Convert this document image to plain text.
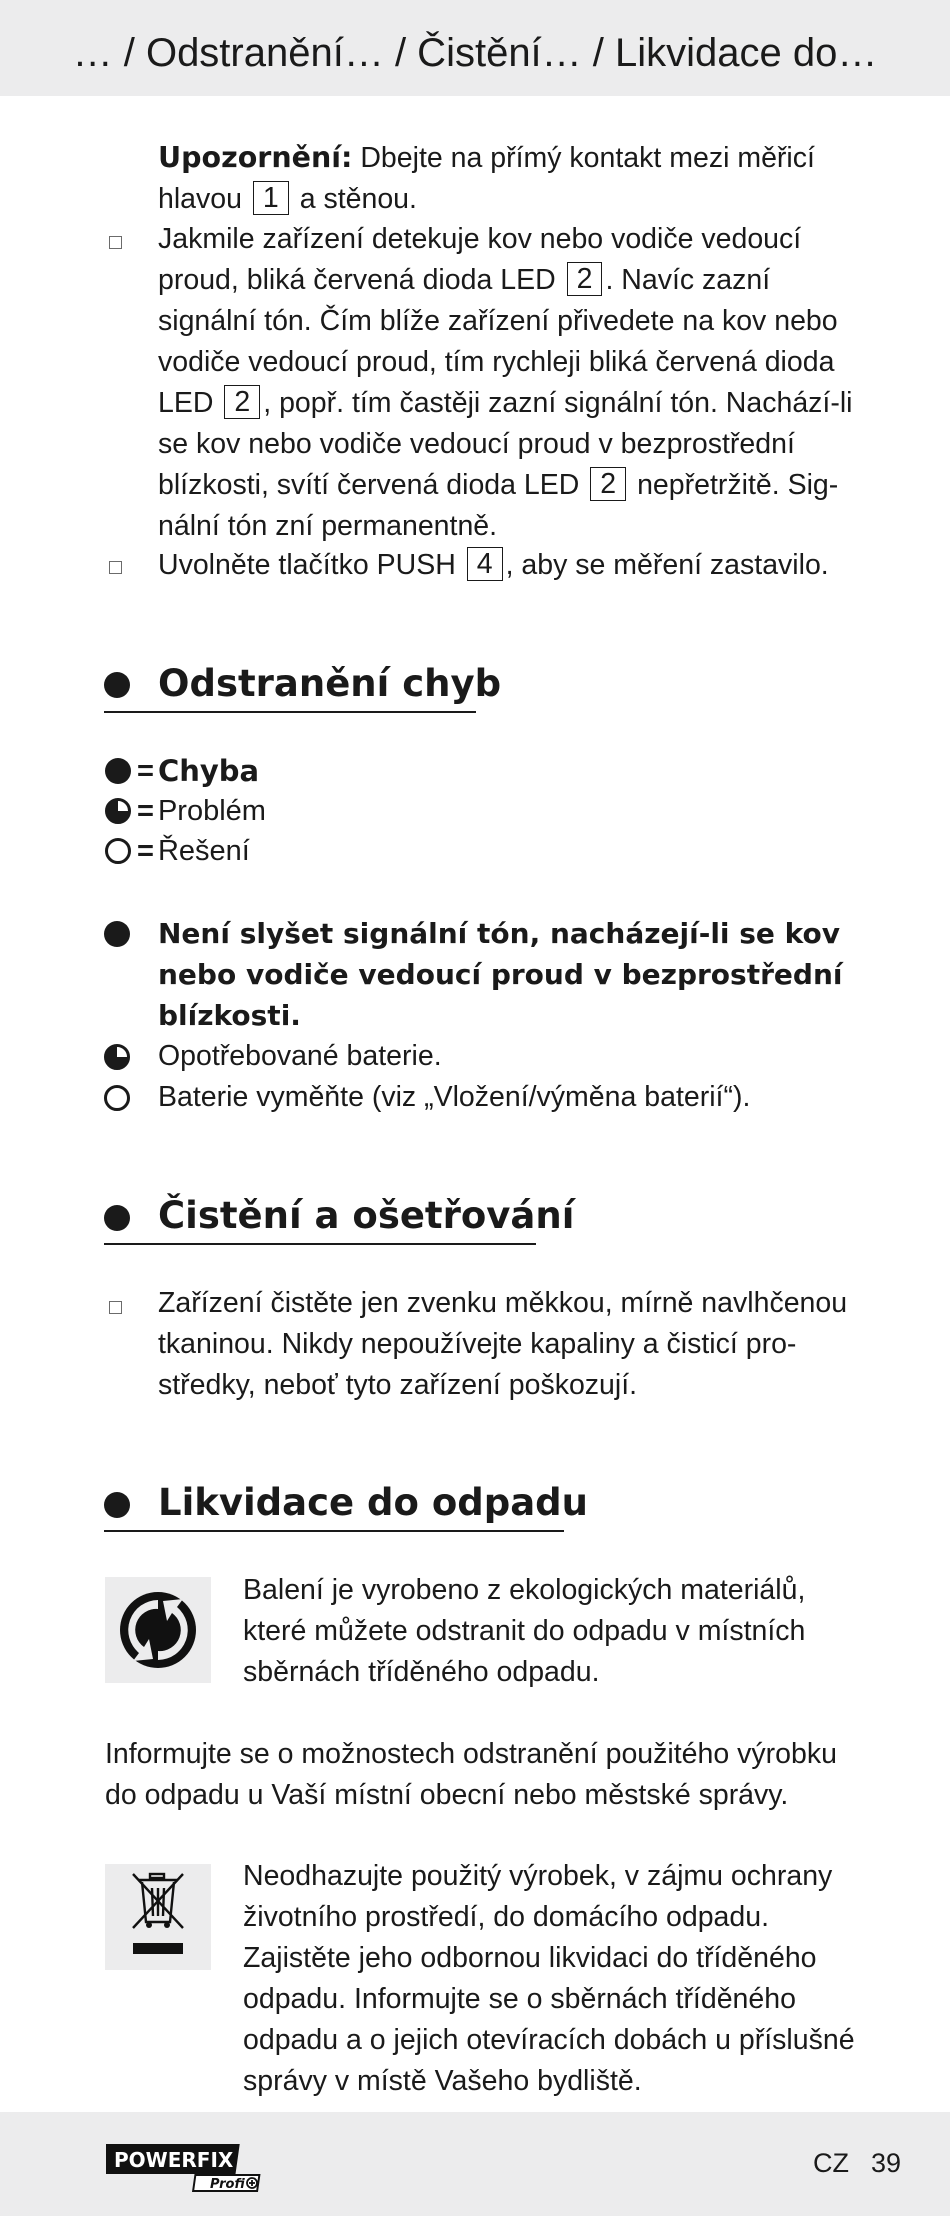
… / Odstranění… / Čistění… / Likvidace do…
Upozornění: Dbejte na přímý kontakt mezi měřicí
hlavou 1 a stěnou.
Jakmile zařízení detekuje kov nebo vodiče vedoucí
proud, bliká červená dioda LED 2 . Navíc zazní
signální tón. Čím blíže zařízení přivedete na kov nebo
vodiče vedoucí proud, tím rychleji bliká červená dioda
LED 2 , popř. tím častěji zazní signální tón. Nachází-li
se kov nebo vodiče vedoucí proud v bezprostřední
blízkosti, svítí červená dioda LED 2 nepřetržitě. Sig-
nální tón zní permanentně.
Uvolněte tlačítko PUSH 4 , aby se měření zastavilo.
Odstranění chyb
= Chyba
= Problém
= Řešení
Není slyšet signální tón, nacházejí-li se kov
nebo vodiče vedoucí proud v bezprostřední
blízkosti.
Opotřebované baterie.
Baterie vyměňte (viz „Vložení/výměna baterií“).
Čistění a ošetřování
Zařízení čistěte jen zvenku měkkou, mírně navlhčenou
tkaninou. Nikdy nepoužívejte kapaliny a čisticí pro-
středky, neboť tyto zařízení poškozují.
Likvidace do odpadu
Balení je vyrobeno z ekologických materiálů,
které můžete odstranit do odpadu v místních
sběrnách tříděného odpadu.
Informujte se o možnostech odstranění použitého výrobku
do odpadu u Vaší místní obecní nebo městské správy.
Neodhazujte použitý výrobek, v zájmu ochrany
životního prostředí, do domácího odpadu.
Zajistěte jeho odbornou likvidaci do tříděného
odpadu. Informujte se o sběrnách tříděného
odpadu a o jejich otevíracích dobách u příslušné
správy v místě Vašeho bydliště.
POWERFIX
Profi
CZ 39
